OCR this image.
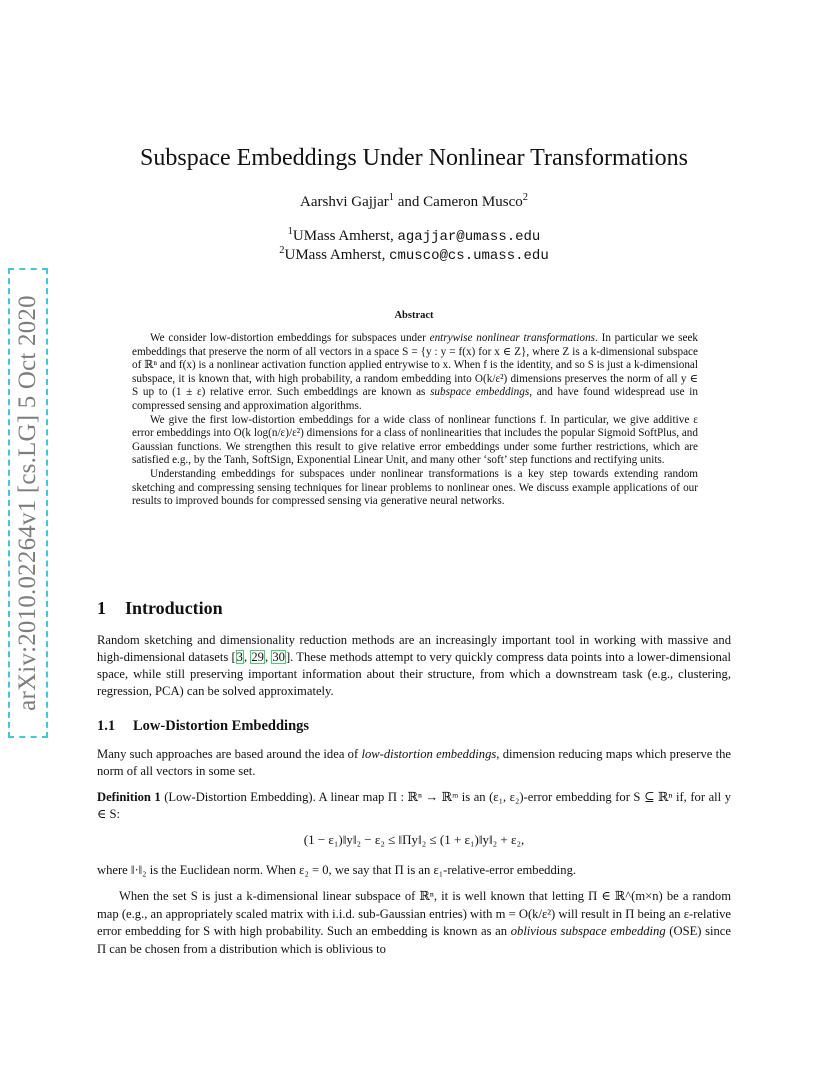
arXiv:2010.02264v1 [cs.LG] 5 Oct 2020
Subspace Embeddings Under Nonlinear Transformations
Aarshvi Gajjar$^1$ and Cameron Musco$^2$
$^1$UMass Amherst, agajjar@umass.edu
$^2$UMass Amherst, cmusco@cs.umass.edu
Abstract

We consider low-distortion embeddings for subspaces under entrywise nonlinear transformations. In particular we seek embeddings that preserve the norm of all vectors in a space S = {y : y = f(x) for x ∈ Z}, where Z is a k-dimensional subspace of ℝⁿ and f(x) is a nonlinear activation function applied entrywise to x. When f is the identity, and so S is just a k-dimensional subspace, it is known that, with high probability, a random embedding into O(k/ε²) dimensions preserves the norm of all y ∈ S up to (1 ± ε) relative error. Such embeddings are known as subspace embeddings, and have found widespread use in compressed sensing and approximation algorithms.

We give the first low-distortion embeddings for a wide class of nonlinear functions f. In particular, we give additive ε error embeddings into O(k log(n/ε)/ε²) dimensions for a class of nonlinearities that includes the popular Sigmoid SoftPlus, and Gaussian functions. We strengthen this result to give relative error embeddings under some further restrictions, which are satisfied e.g., by the Tanh, SoftSign, Exponential Linear Unit, and many other ‘soft’ step functions and rectifying units.

Understanding embeddings for subspaces under nonlinear transformations is a key step towards extending random sketching and compressing sensing techniques for linear problems to nonlinear ones. We discuss example applications of our results to improved bounds for compressed sensing via generative neural networks.

1 Introduction

Random sketching and dimensionality reduction methods are an increasingly important tool in working with massive and high-dimensional datasets [3, 29, 30]. These methods attempt to very quickly compress data points into a lower-dimensional space, while still preserving important information about their structure, from which a downstream task (e.g., clustering, regression, PCA) can be solved approximately.

1.1 Low-Distortion Embeddings

Many such approaches are based around the idea of low-distortion embeddings, dimension reducing maps which preserve the norm of all vectors in some set.

Definition 1 (Low-Distortion Embedding). A linear map Π : ℝⁿ → ℝᵐ is an (ε₁, ε₂)-error embedding for S ⊆ ℝⁿ if, for all y ∈ S:

(1 − ε₁)‖y‖₂ − ε₂ ≤ ‖Πy‖₂ ≤ (1 + ε₁)‖y‖₂ + ε₂,

where ‖·‖₂ is the Euclidean norm. When ε₂ = 0, we say that Π is an ε₁-relative-error embedding.

When the set S is just a k-dimensional linear subspace of ℝⁿ, it is well known that letting Π ∈ ℝ^(m×n) be a random map (e.g., an appropriately scaled matrix with i.i.d. sub-Gaussian entries) with m = O(k/ε²) will result in Π being an ε-relative error embedding for S with high probability. Such an embedding is known as an oblivious subspace embedding (OSE) since Π can be chosen from a distribution which is oblivious to
